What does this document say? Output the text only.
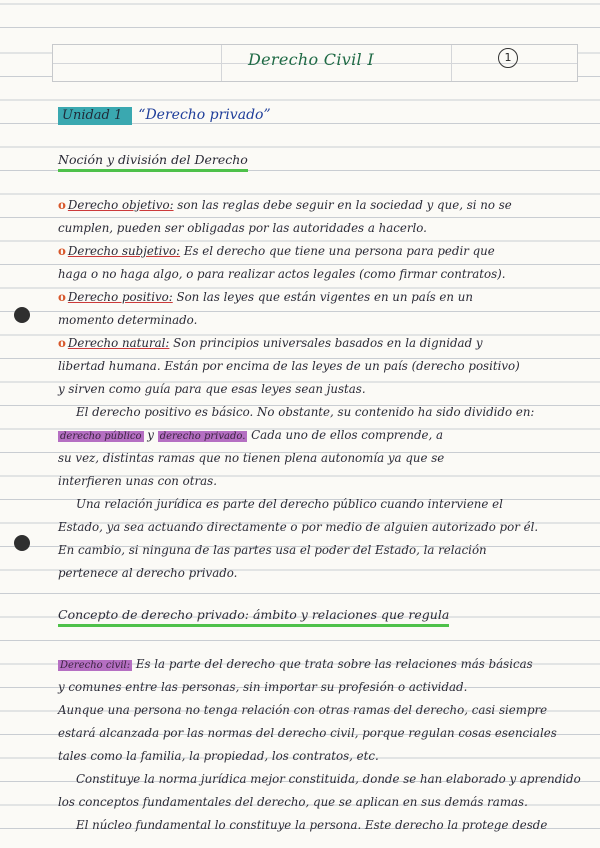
Derecho Civil I	1
Unidad 1 “Derecho privado”
Noción y división del Derecho
o Derecho objetivo: son las reglas debe seguir en la sociedad y que, si no se
cumplen, pueden ser obligadas por las autoridades a hacerlo.
o Derecho subjetivo: Es el derecho que tiene una persona para pedir que
haga o no haga algo, o para realizar actos legales (como firmar contratos).
o Derecho positivo: Son las leyes que están vigentes en un país en un
momento determinado.
o Derecho natural: Son principios universales basados en la dignidad y
libertad humana. Están por encima de las leyes de un país (derecho positivo)
y sirven como guía para que esas leyes sean justas.
El derecho positivo es básico. No obstante, su contenido ha sido dividido en:
derecho público y derecho privado. Cada uno de ellos comprende, a
su vez, distintas ramas que no tienen plena autonomía ya que se
interfieren unas con otras.
Una relación jurídica es parte del derecho público cuando interviene el
Estado, ya sea actuando directamente o por medio de alguien autorizado por él.
En cambio, si ninguna de las partes usa el poder del Estado, la relación
pertenece al derecho privado.
Concepto de derecho privado: ámbito y relaciones que regula
Derecho civil: Es la parte del derecho que trata sobre las relaciones más básicas
y comunes entre las personas, sin importar su profesión o actividad.
Aunque una persona no tenga relación con otras ramas del derecho, casi siempre
estará alcanzada por las normas del derecho civil, porque regulan cosas esenciales
tales como la familia, la propiedad, los contratos, etc.
Constituye la norma jurídica mejor constituida, donde se han elaborado y aprendido
los conceptos fundamentales del derecho, que se aplican en sus demás ramas.
El núcleo fundamental lo constituye la persona. Este derecho la protege desde
